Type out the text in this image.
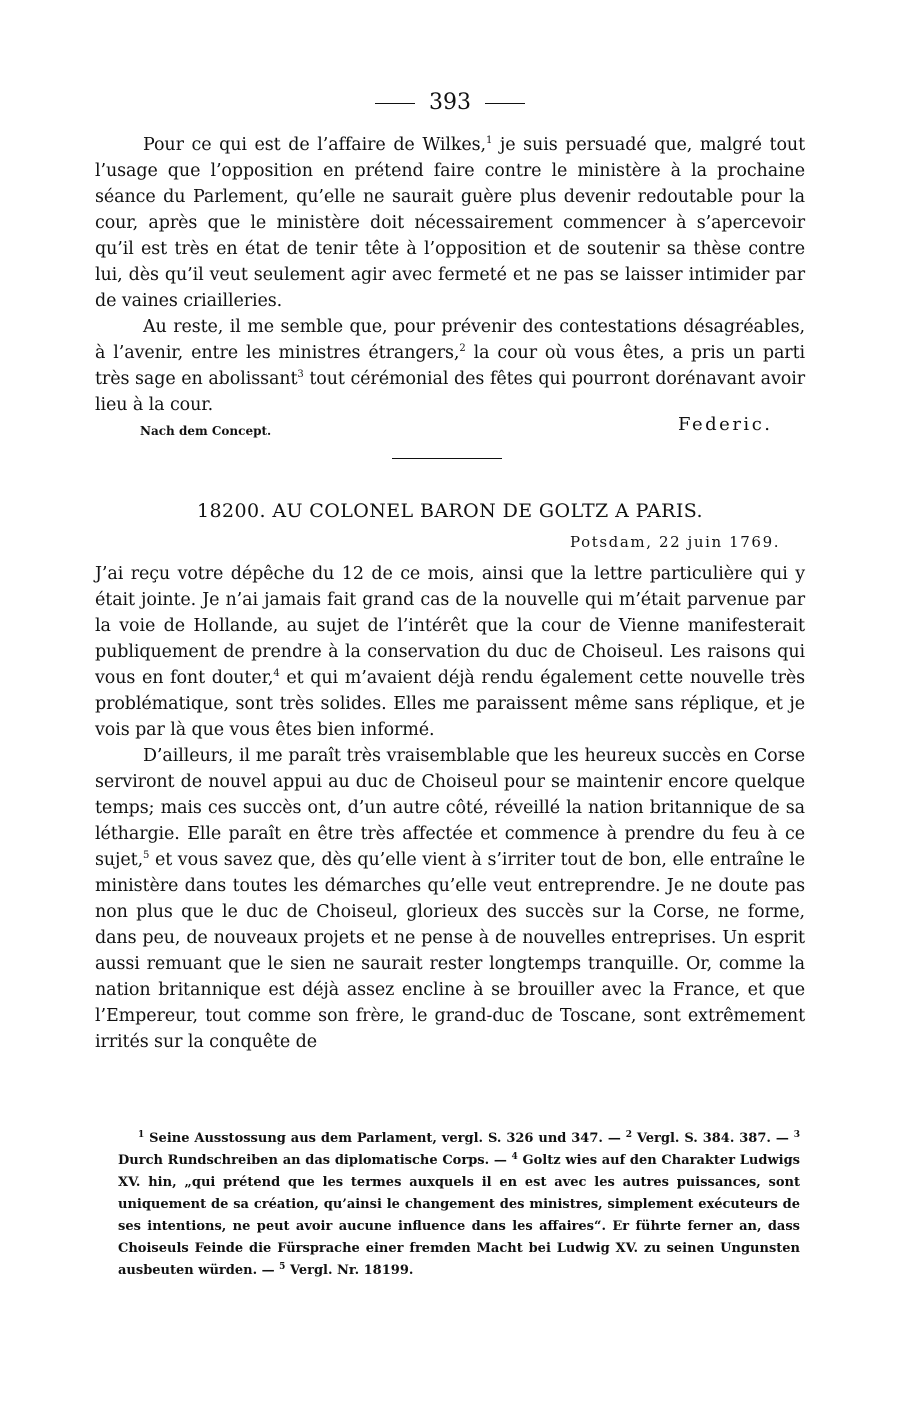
393

Pour ce qui est de l’affaire de Wilkes,$^1$ je suis persuadé que, malgré tout l’usage que l’opposition en prétend faire contre le ministère à la prochaine séance du Parlement, qu’elle ne saurait guère plus devenir redoutable pour la cour, après que le ministère doit nécessairement commencer à s’apercevoir qu’il est très en état de tenir tête à l’opposition et de soutenir sa thèse contre lui, dès qu’il veut seulement agir avec fermeté et ne pas se laisser intimider par de vaines criailleries.

Au reste, il me semble que, pour prévenir des contestations désagréables, à l’avenir, entre les ministres étrangers,$^2$ la cour où vous êtes, a pris un parti très sage en abolissant$^3$ tout cérémonial des fêtes qui pourront dorénavant avoir lieu à la cour.

Nach dem Concept.	Federic.
18200. AU COLONEL BARON DE GOLTZ A PARIS.
Potsdam, 22 juin 1769.

J’ai reçu votre dépêche du 12 de ce mois, ainsi que la lettre particulière qui y était jointe. Je n’ai jamais fait grand cas de la nouvelle qui m’était parvenue par la voie de Hollande, au sujet de l’intérêt que la cour de Vienne manifesterait publiquement de prendre à la conservation du duc de Choiseul. Les raisons qui vous en font douter,$^4$ et qui m’avaient déjà rendu également cette nouvelle très problématique, sont très solides. Elles me paraissent même sans réplique, et je vois par là que vous êtes bien informé.

D’ailleurs, il me paraît très vraisemblable que les heureux succès en Corse serviront de nouvel appui au duc de Choiseul pour se maintenir encore quelque temps; mais ces succès ont, d’un autre côté, réveillé la nation britannique de sa léthargie. Elle paraît en être très affectée et commence à prendre du feu à ce sujet,$^5$ et vous savez que, dès qu’elle vient à s’irriter tout de bon, elle entraîne le ministère dans toutes les démarches qu’elle veut entreprendre. Je ne doute pas non plus que le duc de Choiseul, glorieux des succès sur la Corse, ne forme, dans peu, de nouveaux projets et ne pense à de nouvelles entreprises. Un esprit aussi remuant que le sien ne saurait rester longtemps tranquille. Or, comme la nation britannique est déjà assez encline à se brouiller avec la France, et que l’Empereur, tout comme son frère, le grand-duc de Toscane, sont extrêmement irrités sur la conquête de

$^1$ Seine Ausstossung aus dem Parlament, vergl. S. 326 und 347. — $^2$ Vergl. S. 384. 387. — $^3$ Durch Rundschreiben an das diplomatische Corps. — $^4$ Goltz wies auf den Charakter Ludwigs XV. hin, „qui prétend que les termes auxquels il en est avec les autres puissances, sont uniquement de sa création, qu’ainsi le changement des ministres, simplement exécuteurs de ses intentions, ne peut avoir aucune influence dans les affaires“. Er führte ferner an, dass Choiseuls Feinde die Fürsprache einer fremden Macht bei Ludwig XV. zu seinen Ungunsten ausbeuten würden. — $^5$ Vergl. Nr. 18199.
